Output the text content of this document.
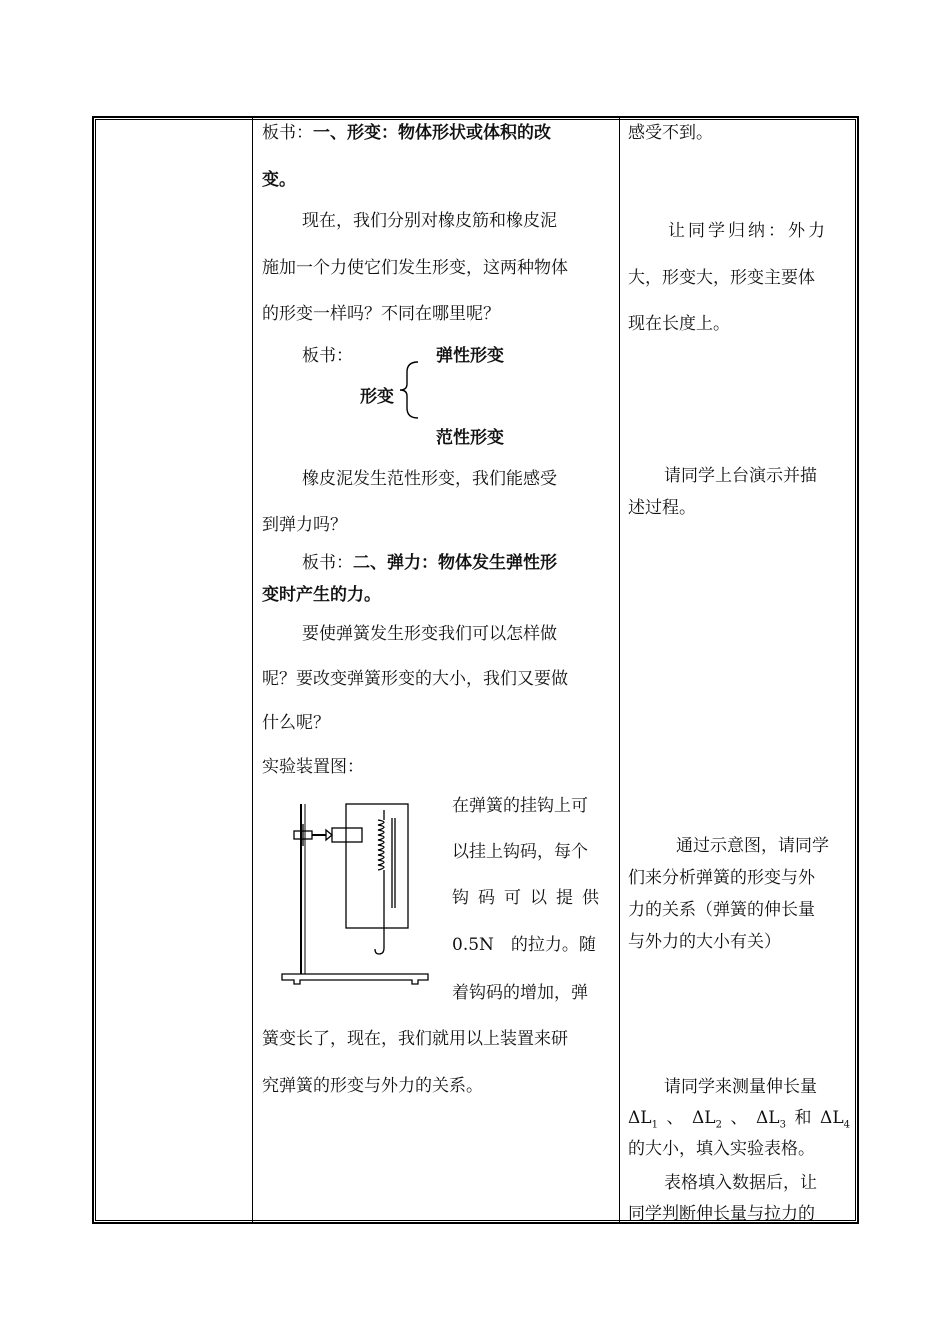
板书：一、形变：物体形状或体积的改
变。
现在，我们分别对橡皮筋和橡皮泥
施加一个力使它们发生形变，这两种物体
的形变一样吗？不同在哪里呢？
板书：	弹性形变
形变
范性形变
橡皮泥发生范性形变，我们能感受
到弹力吗？
板书：二、弹力：物体发生弹性形
变时产生的力。
要使弹簧发生形变我们可以怎样做
呢？要改变弹簧形变的大小，我们又要做
什么呢？
实验装置图：
在弹簧的挂钩上可
以挂上钩码，每个
钩码可以提供
0.5N　的拉力。随
着钩码的增加，弹
簧变长了，现在，我们就用以上装置来研
究弹簧的形变与外力的关系。
感受不到。
让同学归纳：外力
大，形变大，形变主要体
现在长度上。
请同学上台演示并描
述过程。
通过示意图，请同学
们来分析弹簧的形变与外
力的关系（弹簧的伸长量
与外力的大小有关）
请同学来测量伸长量
$\Delta L_1$ 、 $\Delta L_2$ 、 $\Delta L_3$ 和 $\Delta L_4$
的大小，填入实验表格。
表格填入数据后，让
同学判断伸长量与拉力的
